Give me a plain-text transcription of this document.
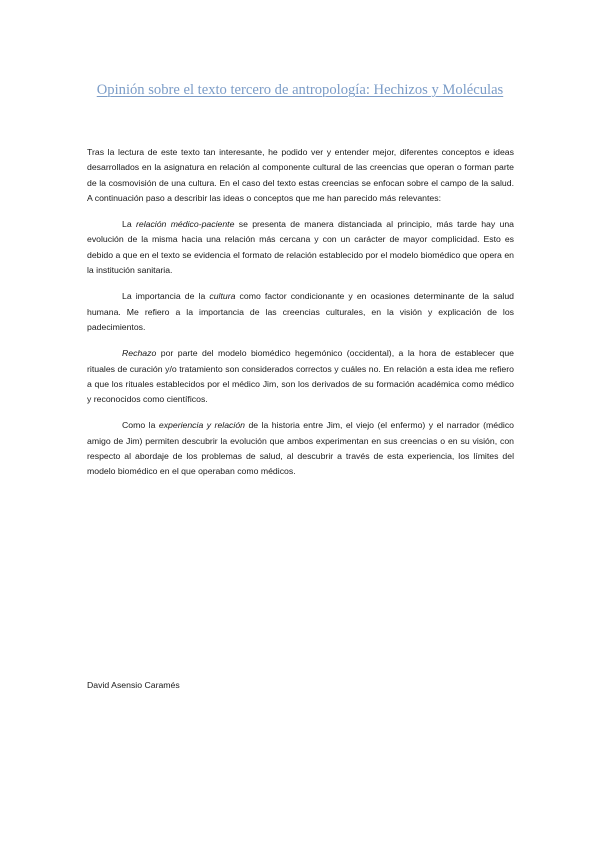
Opinión sobre el texto tercero de antropología: Hechizos y Moléculas

Tras la lectura de este texto tan interesante, he podido ver y entender mejor, diferentes conceptos e ideas desarrollados en la asignatura en relación al componente cultural de las creencias que operan o forman parte de la cosmovisión de una cultura. En el caso del texto estas creencias se enfocan sobre el campo de la salud. A continuación paso a describir las ideas o conceptos que me han parecido más relevantes:

La relación médico-paciente se presenta de manera distanciada al principio, más tarde hay una evolución de la misma hacia una relación más cercana y con un carácter de mayor complicidad. Esto es debido a que en el texto se evidencia el formato de relación establecido por el modelo biomédico que opera en la institución sanitaria.

La importancia de la cultura como factor condicionante y en ocasiones determinante de la salud humana. Me refiero a la importancia de las creencias culturales, en la visión y explicación de los padecimientos.

Rechazo por parte del modelo biomédico hegemónico (occidental), a la hora de establecer que rituales de curación y/o tratamiento son considerados correctos y cuáles no. En relación a esta idea me refiero a que los rituales establecidos por el médico Jim, son los derivados de su formación académica como médico y reconocidos como científicos.

Como la experiencia y relación de la historia entre Jim, el viejo (el enfermo) y el narrador (médico amigo de Jim) permiten descubrir la evolución que ambos experimentan en sus creencias o en su visión, con respecto al abordaje de los problemas de salud, al descubrir a través de esta experiencia, los límites del modelo biomédico en el que operaban como médicos.

David Asensio Caramés
